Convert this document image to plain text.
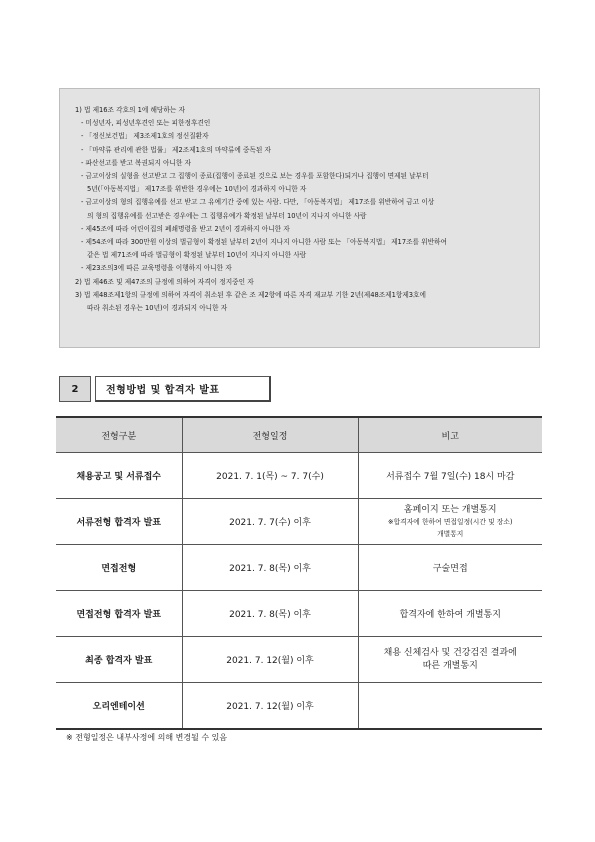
1) 법 제16조 각호의 1에 해당하는 자
- 미성년자, 피성년후견인 또는 피한정후견인
- 「정신보건법」 제3조제1호의 정신질환자
- 「마약류 관리에 관한 법률」 제2조제1호의 마약류에 중독된 자
- 파산선고를 받고 복권되지 아니한 자
- 금고이상의 실형을 선고받고 그 집행이 종료(집행이 종료된 것으로 보는 경우를 포함한다)되거나 집행이 면제된 날부터
5년(「아동복지법」 제17조를 위반한 경우에는 10년)이 경과하지 아니한 자
- 금고이상의 형의 집행유예를 선고 받고 그 유예기간 중에 있는 사람. 다만, 「아동복지법」 제17조를 위반하여 금고 이상
의 형의 집행유예를 선고받은 경우에는 그 집행유예가 확정된 날부터 10년이 지나지 아니한 사람
- 제45조에 따라 어린이집의 폐쇄명령을 받고 2년이 경과하지 아니한 자
- 제54조에 따라 300만원 이상의 벌금형이 확정된 날부터 2년이 지나지 아니한 사람 또는 「아동복지법」 제17조를 위반하여
같은 법 제71조에 따라 벌금형이 확정된 날부터 10년이 지나지 아니한 사람
- 제23조의3에 따른 교육명령을 이행하지 아니한 자
2) 법 제46조 및 제47조의 규정에 의하여 자격이 정지중인 자
3) 법 제48조제1항의 규정에 의하여 자격이 취소된 후 같은 조 제2항에 따른 자격 재교부 기한 2년(제48조제1항제3호에
따라 취소된 경우는 10년)이 경과되지 아니한 자
2	전형방법 및 합격자 발표
전형구분	전형일정	비고
채용공고 및 서류접수	2021. 7. 1(목) ~ 7. 7(수)	서류접수 7월 7일(수) 18시 마감
서류전형 합격자 발표	2021. 7. 7(수) 이후	홈페이지 또는 개별통지
※합격자에 한하여 면접일정(시간 및 장소)
개별통지

면접전형	2021. 7. 8(목) 이후	구술면접
면접전형 합격자 발표	2021. 7. 8(목) 이후	합격자에 한하여 개별통지
최종 합격자 발표	2021. 7. 12(월) 이후	채용 신체검사 및 건강검진 결과에
따른 개별통지

오리엔테이션	2021. 7. 12(월) 이후	
※ 전형일정은 내부사정에 의해 변경될 수 있음
